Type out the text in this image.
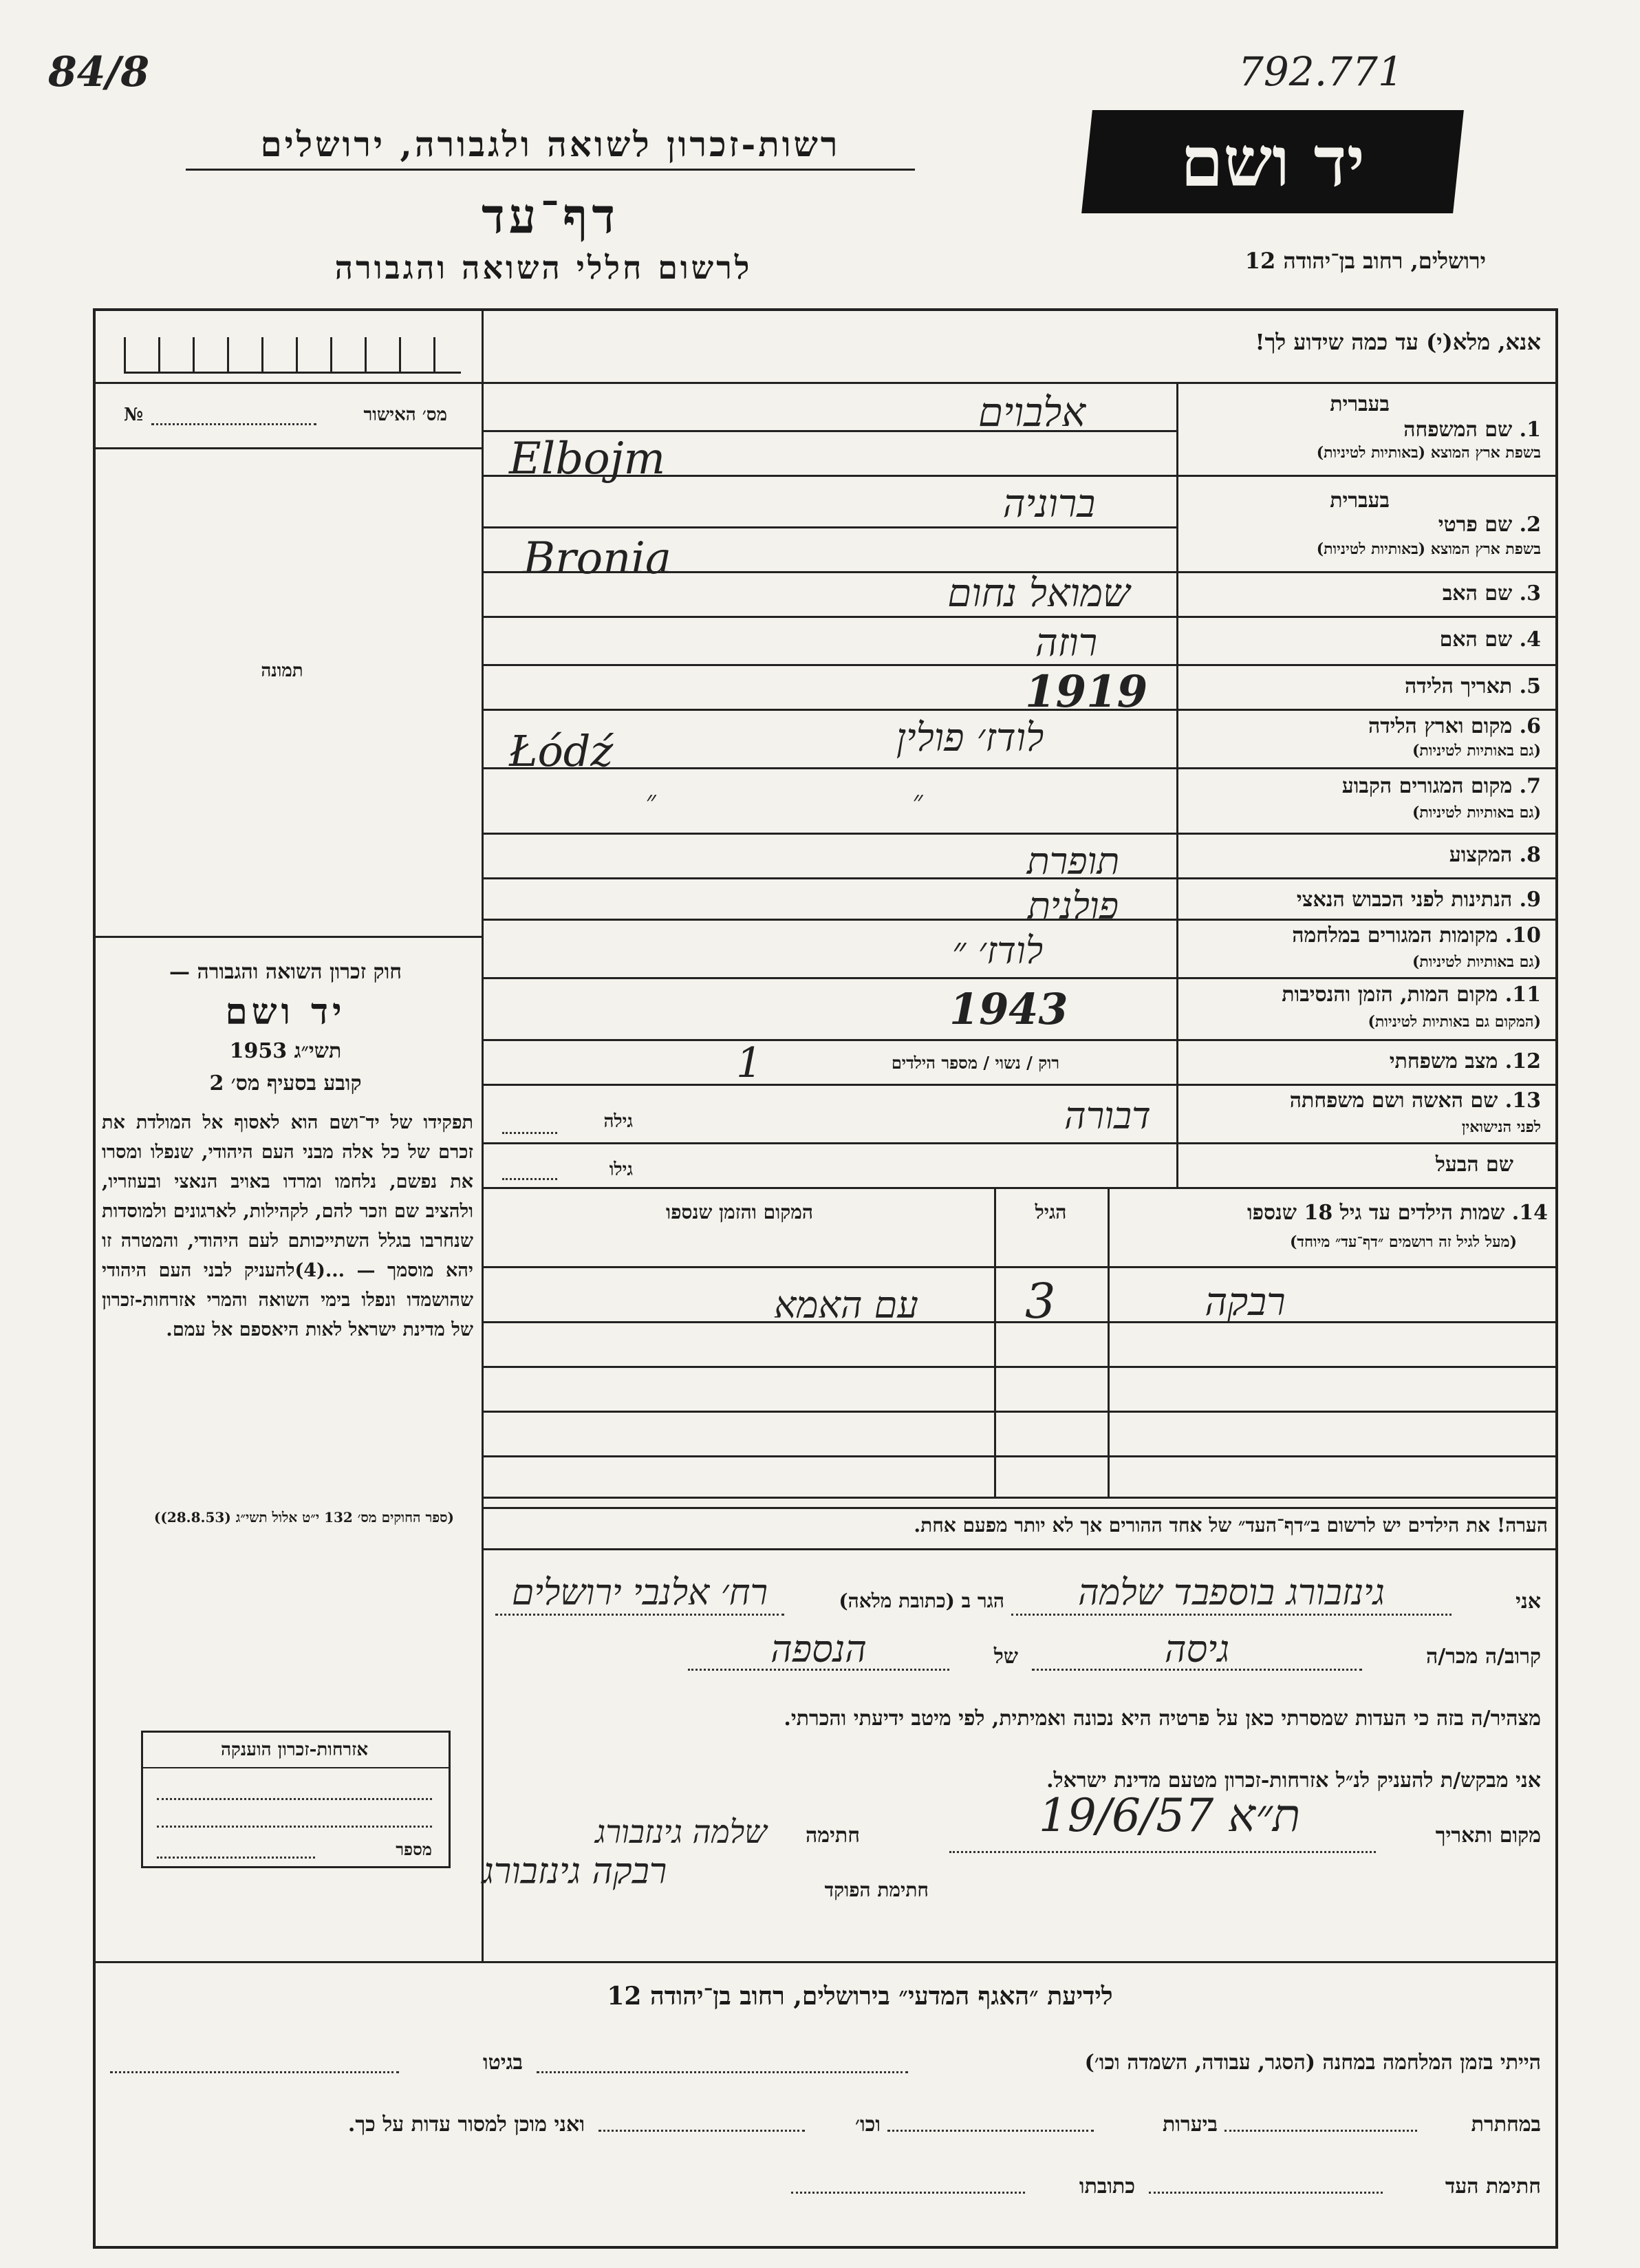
84/8	792.771
רשות-זכרון לשואה ולגבורה, ירושלים
דף־עד
לרשום חללי השואה והגבורה
יד ושם
ירושלים, רחוב בן־יהודה 12
מס׳ האישור
№
תמונה
חוק זכרון השואה והגבורה —
יד ושם
תשי״ג 1953
קובע בסעיף מס׳ 2
תפקידו של יד־ושם הוא לאסוף אל המולדת את זכרם של כל אלה מבני העם היהודי, שנפלו ומסרו את נפשם, נלחמו ומרדו באויב הנאצי ובעוזריו, ולהציב שם וזכר להם, לקהילות, לארגונים ולמוסדות שנחרבו בגלל השתייכותם לעם היהודי, והמטרה זו יהא מוסמך — ...(4)להעניק לבני העם היהודי שהושמדו ונפלו בימי השואה והמרי אזרחות-זכרון של מדינת ישראל לאות היאספם אל עמם.
(ספר החוקים מס׳ 132 י״ט אלול תשי״ג (28.8.53))
אנא, מלא(י) עד כמה שידוע לך!
בעברית
1. שם המשפחה
בשפת ארץ המוצא (באותיות לטיניות)
בעברית
2. שם פרטי
בשפת ארץ המוצא (באותיות לטיניות)
3. שם האב
4. שם האם
5. תאריך הלידה
6. מקום וארץ הלידה
(גם באותיות לטיניות)
7. מקום המגורים הקבוע
(גם באותיות לטיניות)
8. המקצוע
9. הנתינות לפני הכבוש הנאצי
10. מקומות המגורים במלחמה
(גם באותיות לטיניות)
11. מקום המות, הזמן והנסיבות
(המקום גם באותיות לטיניות)
12. מצב משפחתי
13. שם האשה ושם משפחתה
לפני הנישואין
שם הבעל
אלבוים
Elbojm
ברוניה
Bronia
שמואל נחום
רוזה
1919
לודז׳ פולין
Łódź
״ ״
תופרת
פולנית
לודז׳ ״
1943
רוק / נשוי / מספר הילדים
1
דבורה
גילה
גילו
14. שמות הילדים עד גיל 18 שנספו
(מעל לגיל זה רושמים ״דף־עד״ מיוחד)
הגיל
המקום והזמן שנספו
רבקה
3
עם האמא
הערה! את הילדים יש לרשום ב״דף־העד״ של אחד ההורים אך לא יותר מפעם אחת.
אני
גינזבורג בוספבד שלמה
הגר ב (כתובת מלאה)
רח׳ אלנבי ירושלים
קרוב/ה מכר/ה
גיסה
של
הנספה
מצהיר/ה בזה כי העדות שמסרתי כאן על פרטיה היא נכונה ואמיתית, לפי מיטב ידיעתי והכרתי.
אני מבקש/ת להעניק לנ״ל אזרחות-זכרון מטעם מדינת ישראל.
מקום ותאריך
ת״א 19/6/57
חתימה
שלמה גינזבורג
חתימת הפוקד
רבקה גינזבורג
אזרחות-זכרון הוענקה
מספר
לידיעת ״האגף המדעי״ בירושלים, רחוב בן־יהודה 12
הייתי בזמן המלחמה במחנה (הסגר, עבודה, השמדה וכו׳)
בגיטו
במחתרת
ביערות
וכו׳
ואני מוכן למסור עדות על כך.
חתימת העד
כתובתו
